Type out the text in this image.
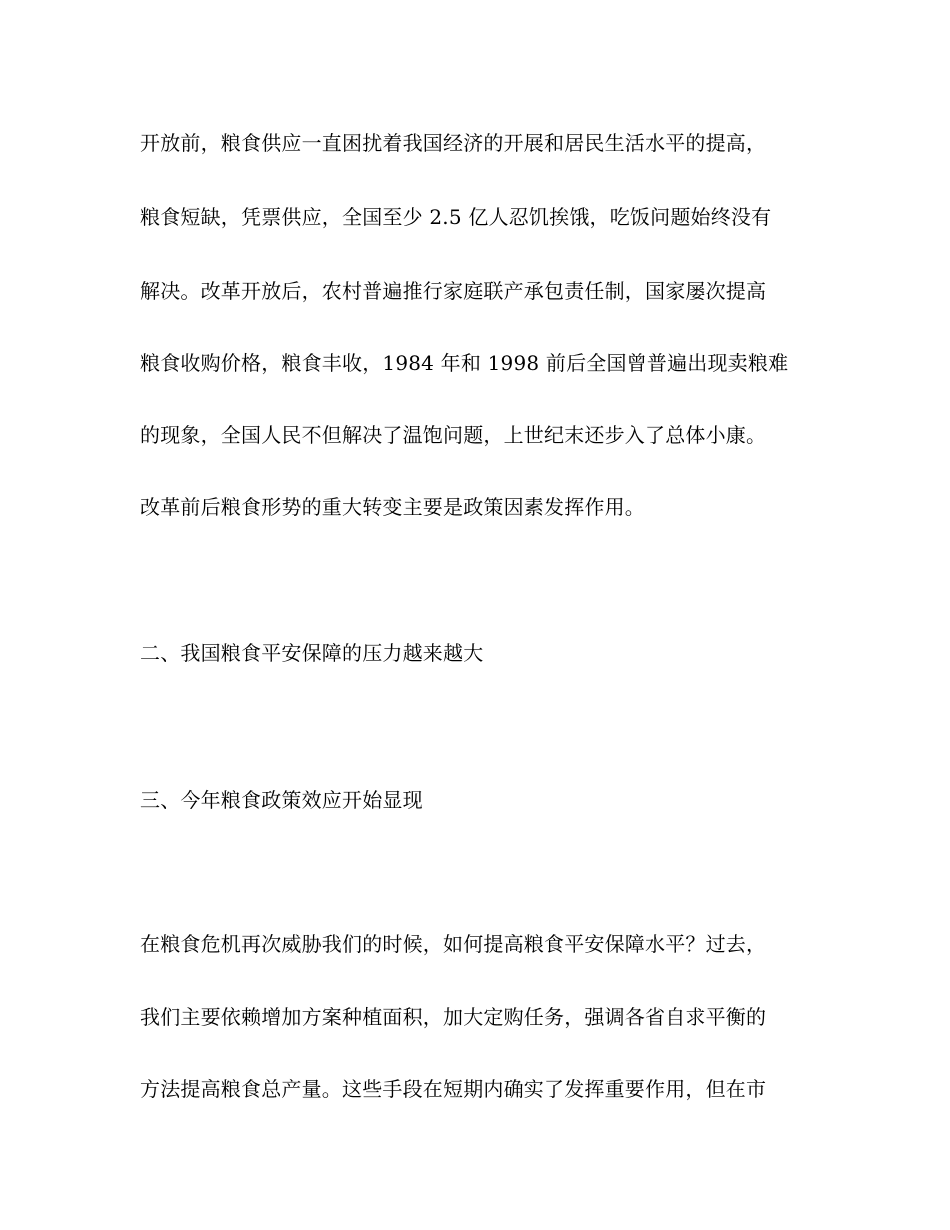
开放前，粮食供应一直困扰着我国经济的开展和居民生活水平的提高，
粮食短缺，凭票供应，全国至少 2.5 亿人忍饥挨饿，吃饭问题始终没有
解决。改革开放后，农村普遍推行家庭联产承包责任制，国家屡次提高
粮食收购价格，粮食丰收，1984 年和 1998 前后全国曾普遍出现卖粮难
的现象，全国人民不但解决了温饱问题，上世纪末还步入了总体小康。
改革前后粮食形势的重大转变主要是政策因素发挥作用。
二、我国粮食平安保障的压力越来越大
三、今年粮食政策效应开始显现
在粮食危机再次威胁我们的时候，如何提高粮食平安保障水平？过去，
我们主要依赖增加方案种植面积，加大定购任务，强调各省自求平衡的
方法提高粮食总产量。这些手段在短期内确实了发挥重要作用，但在市
